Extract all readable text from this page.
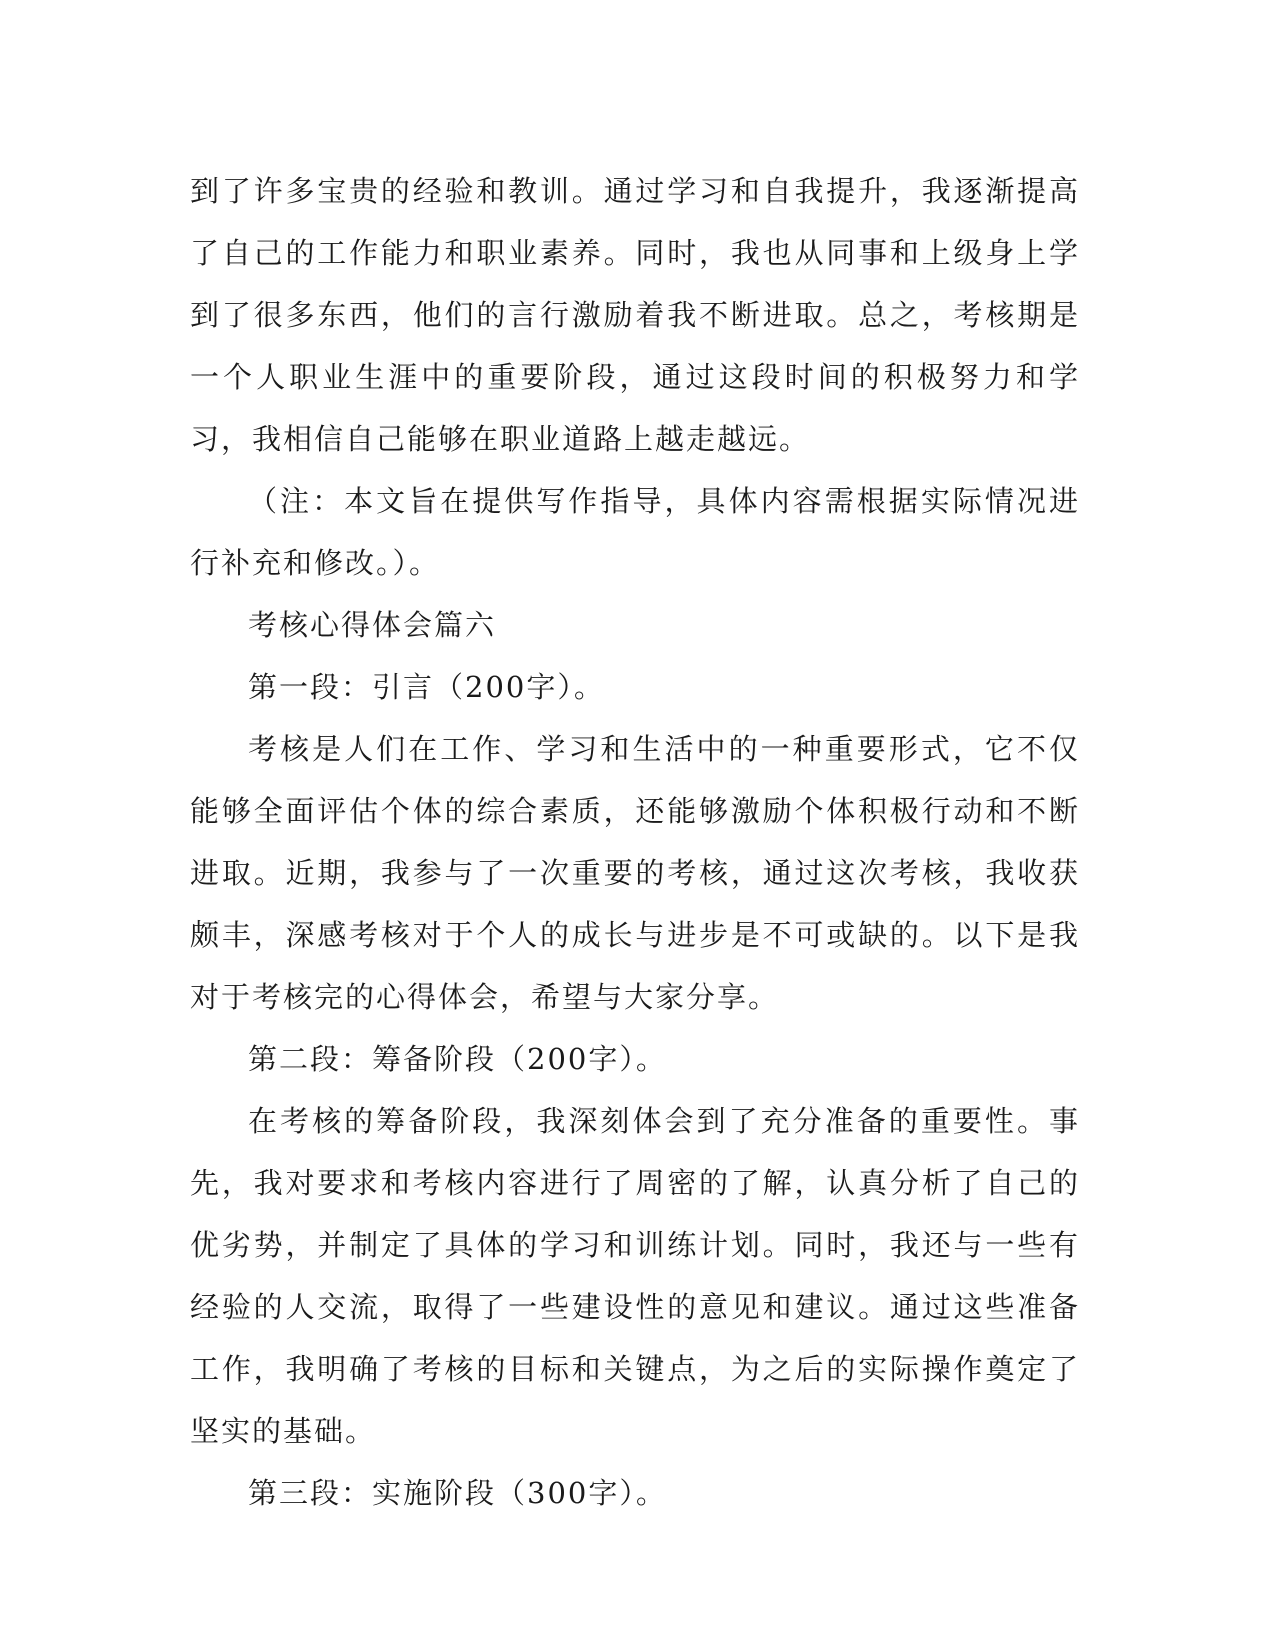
到了许多宝贵的经验和教训。通过学习和自我提升，我逐渐提高了自己的工作能力和职业素养。同时，我也从同事和上级身上学到了很多东西，他们的言行激励着我不断进取。总之，考核期是一个人职业生涯中的重要阶段，通过这段时间的积极努力和学习，我相信自己能够在职业道路上越走越远。

（注：本文旨在提供写作指导，具体内容需根据实际情况进行补充和修改。）。

考核心得体会篇六

第一段：引言（200字）。

考核是人们在工作、学习和生活中的一种重要形式，它不仅能够全面评估个体的综合素质，还能够激励个体积极行动和不断进取。近期，我参与了一次重要的考核，通过这次考核，我收获颇丰，深感考核对于个人的成长与进步是不可或缺的。以下是我对于考核完的心得体会，希望与大家分享。

第二段：筹备阶段（200字）。

在考核的筹备阶段，我深刻体会到了充分准备的重要性。事先，我对要求和考核内容进行了周密的了解，认真分析了自己的优劣势，并制定了具体的学习和训练计划。同时，我还与一些有经验的人交流，取得了一些建设性的意见和建议。通过这些准备工作，我明确了考核的目标和关键点，为之后的实际操作奠定了坚实的基础。

第三段：实施阶段（300字）。
